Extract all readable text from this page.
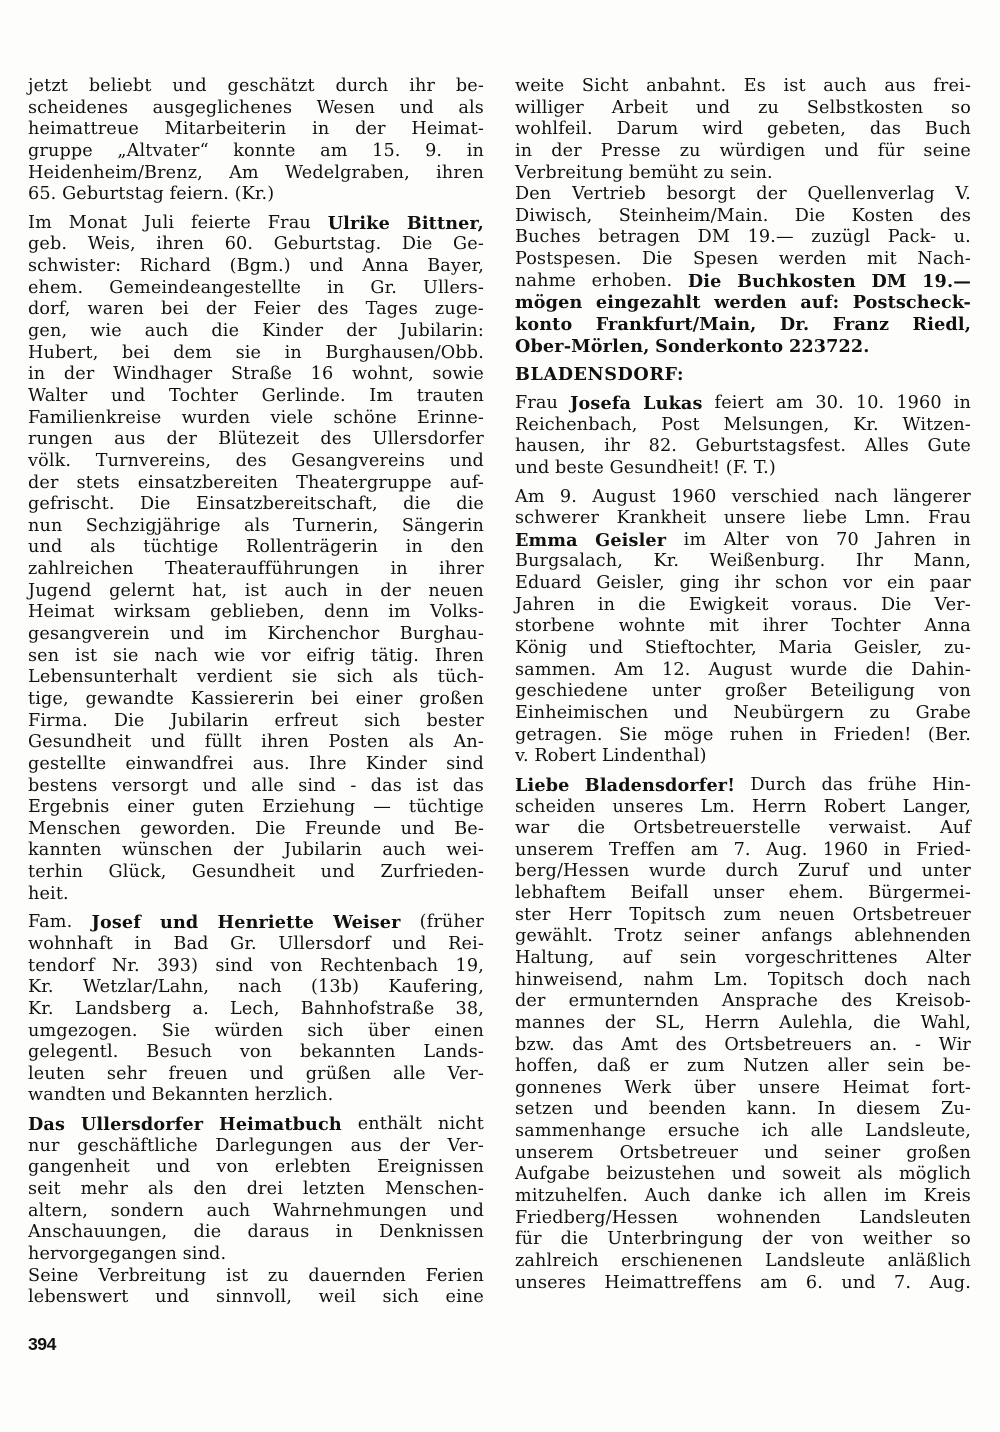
jetzt beliebt und geschätzt durch ihr be-
scheidenes ausgeglichenes Wesen und als
heimattreue Mitarbeiterin in der Heimat-
gruppe „Altvater“ konnte am 15. 9. in
Heidenheim/Brenz, Am Wedelgraben, ihren
65. Geburtstag feiern. (Kr.)
Im Monat Juli feierte Frau Ulrike Bittner,
geb. Weis, ihren 60. Geburtstag. Die Ge-
schwister: Richard (Bgm.) und Anna Bayer,
ehem. Gemeindeangestellte in Gr. Ullers-
dorf, waren bei der Feier des Tages zuge-
gen, wie auch die Kinder der Jubilarin:
Hubert, bei dem sie in Burghausen/Obb.
in der Windhager Straße 16 wohnt, sowie
Walter und Tochter Gerlinde. Im trauten
Familienkreise wurden viele schöne Erinne-
rungen aus der Blütezeit des Ullersdorfer
völk. Turnvereins, des Gesangvereins und
der stets einsatzbereiten Theatergruppe auf-
gefrischt. Die Einsatzbereitschaft, die die
nun Sechzigjährige als Turnerin, Sängerin
und als tüchtige Rollenträgerin in den
zahlreichen Theateraufführungen in ihrer
Jugend gelernt hat, ist auch in der neuen
Heimat wirksam geblieben, denn im Volks-
gesangverein und im Kirchenchor Burghau-
sen ist sie nach wie vor eifrig tätig. Ihren
Lebensunterhalt verdient sie sich als tüch-
tige, gewandte Kassiererin bei einer großen
Firma. Die Jubilarin erfreut sich bester
Gesundheit und füllt ihren Posten als An-
gestellte einwandfrei aus. Ihre Kinder sind
bestens versorgt und alle sind - das ist das
Ergebnis einer guten Erziehung — tüchtige
Menschen geworden. Die Freunde und Be-
kannten wünschen der Jubilarin auch wei-
terhin Glück, Gesundheit und Zurfrieden-
heit.
Fam. Josef und Henriette Weiser (früher
wohnhaft in Bad Gr. Ullersdorf und Rei-
tendorf Nr. 393) sind von Rechtenbach 19,
Kr. Wetzlar/Lahn, nach (13b) Kaufering,
Kr. Landsberg a. Lech, Bahnhofstraße 38,
umgezogen. Sie würden sich über einen
gelegentl. Besuch von bekannten Lands-
leuten sehr freuen und grüßen alle Ver-
wandten und Bekannten herzlich.
Das Ullersdorfer Heimatbuch enthält nicht
nur geschäftliche Darlegungen aus der Ver-
gangenheit und von erlebten Ereignissen
seit mehr als den drei letzten Menschen-
altern, sondern auch Wahrnehmungen und
Anschauungen, die daraus in Denknissen
hervorgegangen sind.
Seine Verbreitung ist zu dauernden Ferien
lebenswert und sinnvoll, weil sich eine
weite Sicht anbahnt. Es ist auch aus frei-
williger Arbeit und zu Selbstkosten so
wohlfeil. Darum wird gebeten, das Buch
in der Presse zu würdigen und für seine
Verbreitung bemüht zu sein.
Den Vertrieb besorgt der Quellenverlag V.
Diwisch, Steinheim/Main. Die Kosten des
Buches betragen DM 19.— zuzügl Pack- u.
Postspesen. Die Spesen werden mit Nach-
nahme erhoben. Die Buchkosten DM 19.—
mögen eingezahlt werden auf: Postscheck-
konto Frankfurt/Main, Dr. Franz Riedl,
Ober-Mörlen, Sonderkonto 223722.
BLADENSDORF:
Frau Josefa Lukas feiert am 30. 10. 1960 in
Reichenbach, Post Melsungen, Kr. Witzen-
hausen, ihr 82. Geburtstagsfest. Alles Gute
und beste Gesundheit! (F. T.)
Am 9. August 1960 verschied nach längerer
schwerer Krankheit unsere liebe Lmn. Frau
Emma Geisler im Alter von 70 Jahren in
Burgsalach, Kr. Weißenburg. Ihr Mann,
Eduard Geisler, ging ihr schon vor ein paar
Jahren in die Ewigkeit voraus. Die Ver-
storbene wohnte mit ihrer Tochter Anna
König und Stieftochter, Maria Geisler, zu-
sammen. Am 12. August wurde die Dahin-
geschiedene unter großer Beteiligung von
Einheimischen und Neubürgern zu Grabe
getragen. Sie möge ruhen in Frieden! (Ber.
v. Robert Lindenthal)
Liebe Bladensdorfer! Durch das frühe Hin-
scheiden unseres Lm. Herrn Robert Langer,
war die Ortsbetreuerstelle verwaist. Auf
unserem Treffen am 7. Aug. 1960 in Fried-
berg/Hessen wurde durch Zuruf und unter
lebhaftem Beifall unser ehem. Bürgermei-
ster Herr Topitsch zum neuen Ortsbetreuer
gewählt. Trotz seiner anfangs ablehnenden
Haltung, auf sein vorgeschrittenes Alter
hinweisend, nahm Lm. Topitsch doch nach
der ermunternden Ansprache des Kreisob-
mannes der SL, Herrn Aulehla, die Wahl,
bzw. das Amt des Ortsbetreuers an. - Wir
hoffen, daß er zum Nutzen aller sein be-
gonnenes Werk über unsere Heimat fort-
setzen und beenden kann. In diesem Zu-
sammenhange ersuche ich alle Landsleute,
unserem Ortsbetreuer und seiner großen
Aufgabe beizustehen und soweit als möglich
mitzuhelfen. Auch danke ich allen im Kreis
Friedberg/Hessen wohnenden Landsleuten
für die Unterbringung der von weither so
zahlreich erschienenen Landsleute anläßlich
unseres Heimattreffens am 6. und 7. Aug.
394
